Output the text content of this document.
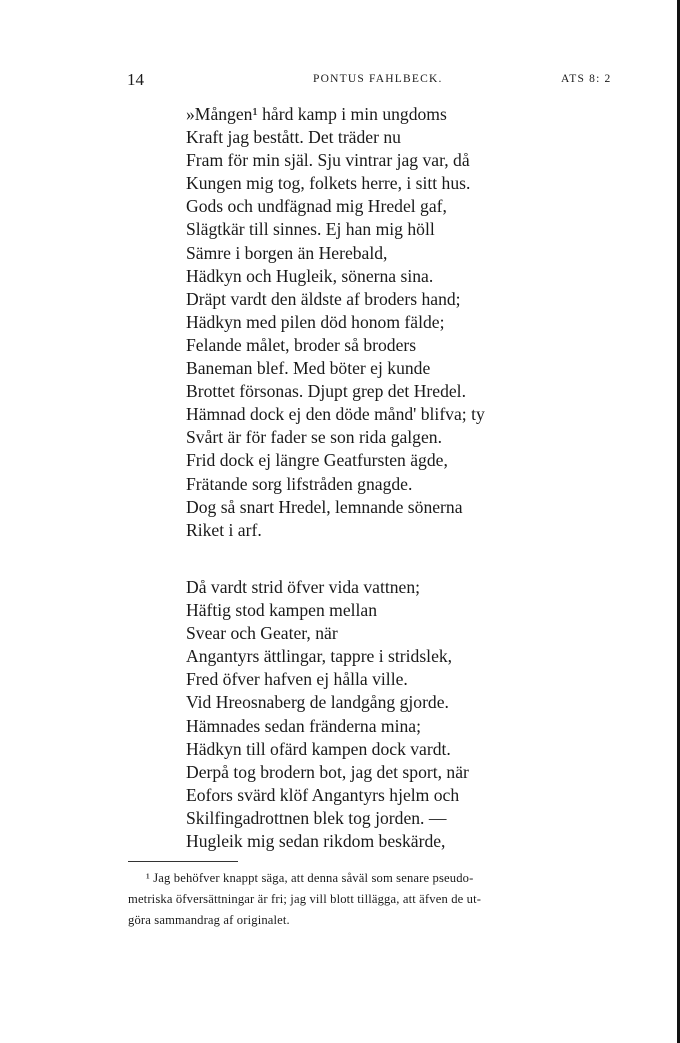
14	PONTUS FAHLBECK.	ATS 8: 2
»Mången¹ hård kamp i min ungdoms
Kraft jag bestått. Det träder nu
Fram för min själ. Sju vintrar jag var, då
Kungen mig tog, folkets herre, i sitt hus.
Gods och undfägnad mig Hredel gaf,
Slägtkär till sinnes. Ej han mig höll
Sämre i borgen än Herebald,
Hädkyn och Hugleik, sönerna sina.
Dräpt vardt den äldste af broders hand;
Hädkyn med pilen död honom fälde;
Felande målet, broder så broders
Baneman blef. Med böter ej kunde
Brottet försonas. Djupt grep det Hredel.
Hämnad dock ej den döde månd' blifva; ty
Svårt är för fader se son rida galgen.
Frid dock ej längre Geatfursten ägde,
Frätande sorg lifstråden gnagde.
Dog så snart Hredel, lemnande sönerna
Riket i arf.
Då vardt strid öfver vida vattnen;
Häftig stod kampen mellan
Svear och Geater, när
Angantyrs ättlingar, tappre i stridslek,
Fred öfver hafven ej hålla ville.
Vid Hreosnaberg de landgång gjorde.
Hämnades sedan fränderna mina;
Hädkyn till ofärd kampen dock vardt.
Derpå tog brodern bot, jag det sport, när
Eofors svärd klöf Angantyrs hjelm och
Skilfingadrottnen blek tog jorden. —
Hugleik mig sedan rikdom beskärde,
¹ Jag behöfver knappt säga, att denna såväl som senare pseudo-
metriska öfversättningar är fri; jag vill blott tillägga, att äfven de ut-
göra sammandrag af originalet.
